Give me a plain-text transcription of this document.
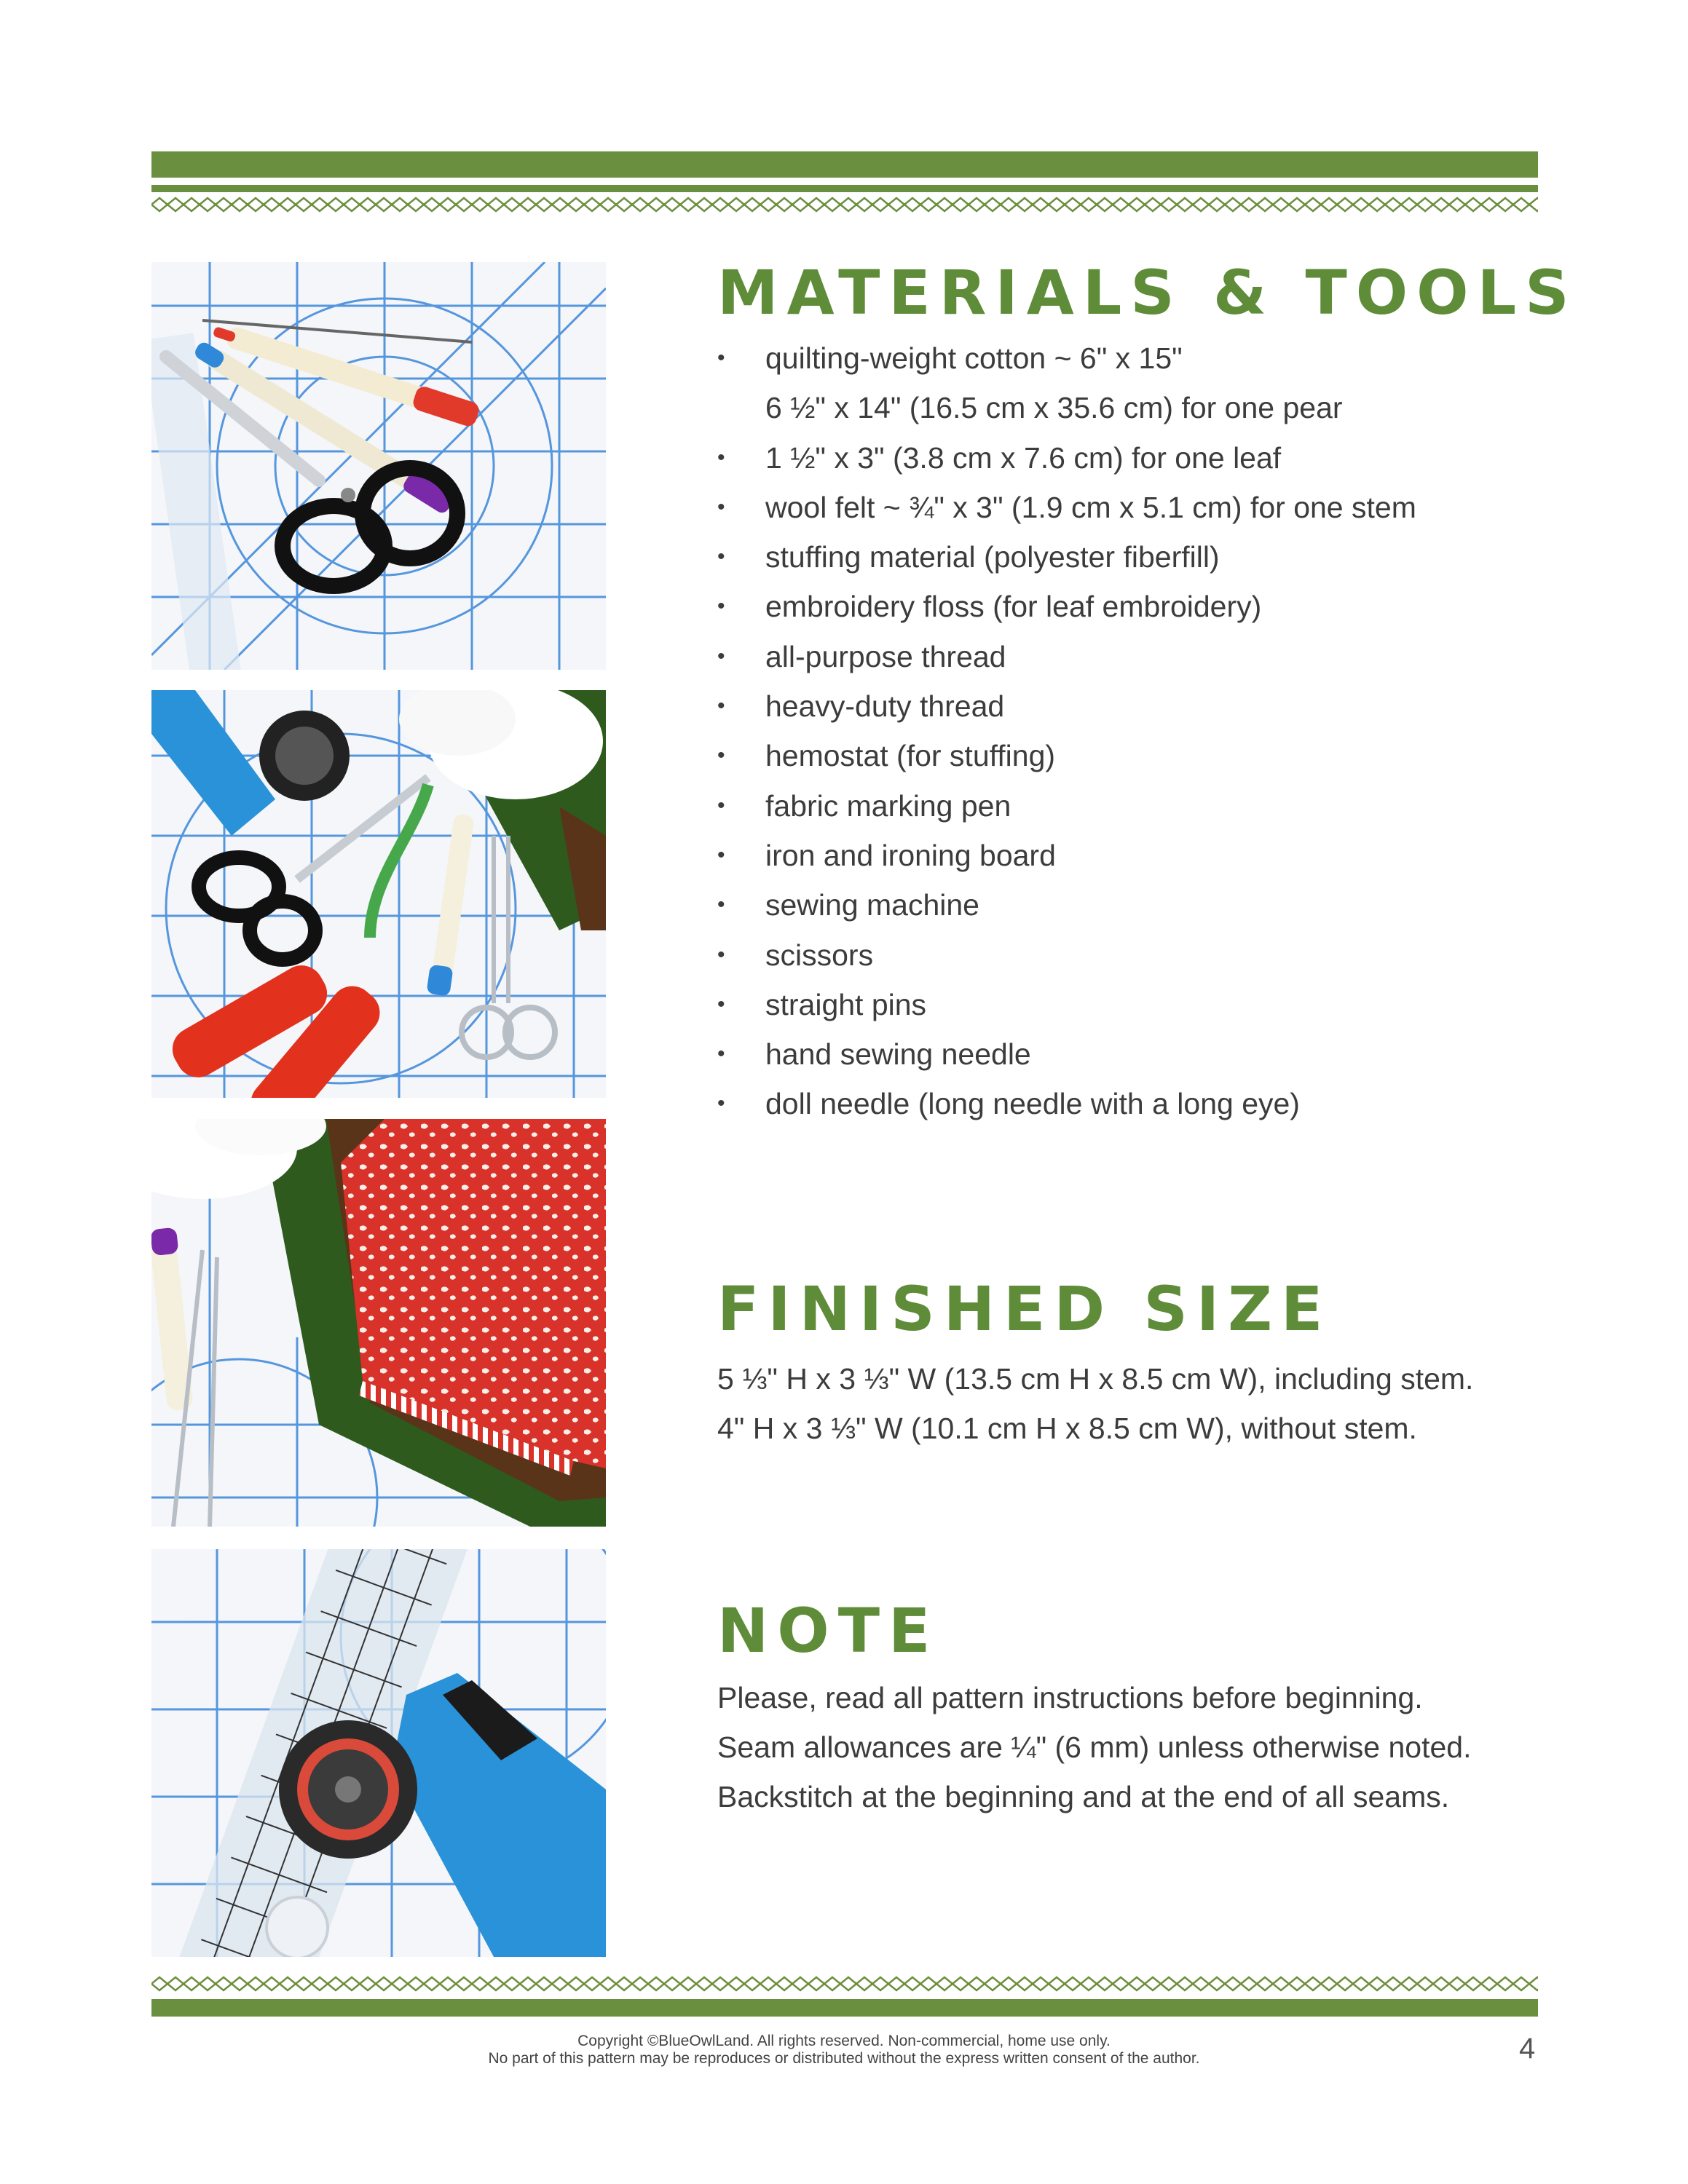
MATERIALS & TOOLS
• quilting-weight cotton ~ 6" x 15"
6 ½" x 14" (16.5 cm x 35.6 cm) for one pear
• 1 ½" x 3" (3.8 cm x 7.6 cm) for one leaf
• wool felt ~ ¾" x 3" (1.9 cm x 5.1 cm) for one stem
• stuffing material (polyester fiberfill)
• embroidery floss (for leaf embroidery)
• all-purpose thread
• heavy-duty thread
• hemostat (for stuffing)
• fabric marking pen
• iron and ironing board
• sewing machine
• scissors
• straight pins
• hand sewing needle
• doll needle (long needle with a long eye)
FINISHED SIZE
5 ⅓" H x 3 ⅓" W (13.5 cm H x 8.5 cm W), including stem.
4" H x 3 ⅓" W (10.1 cm H x 8.5 cm W), without stem.
NOTE
Please, read all pattern instructions before beginning.
Seam allowances are ¼" (6 mm) unless otherwise noted.
Backstitch at the beginning and at the end of all seams.
Copyright ©BlueOwlLand. All rights reserved. Non-commercial, home use only.
No part of this pattern may be reproduces or distributed without the express written consent of the author.	4
